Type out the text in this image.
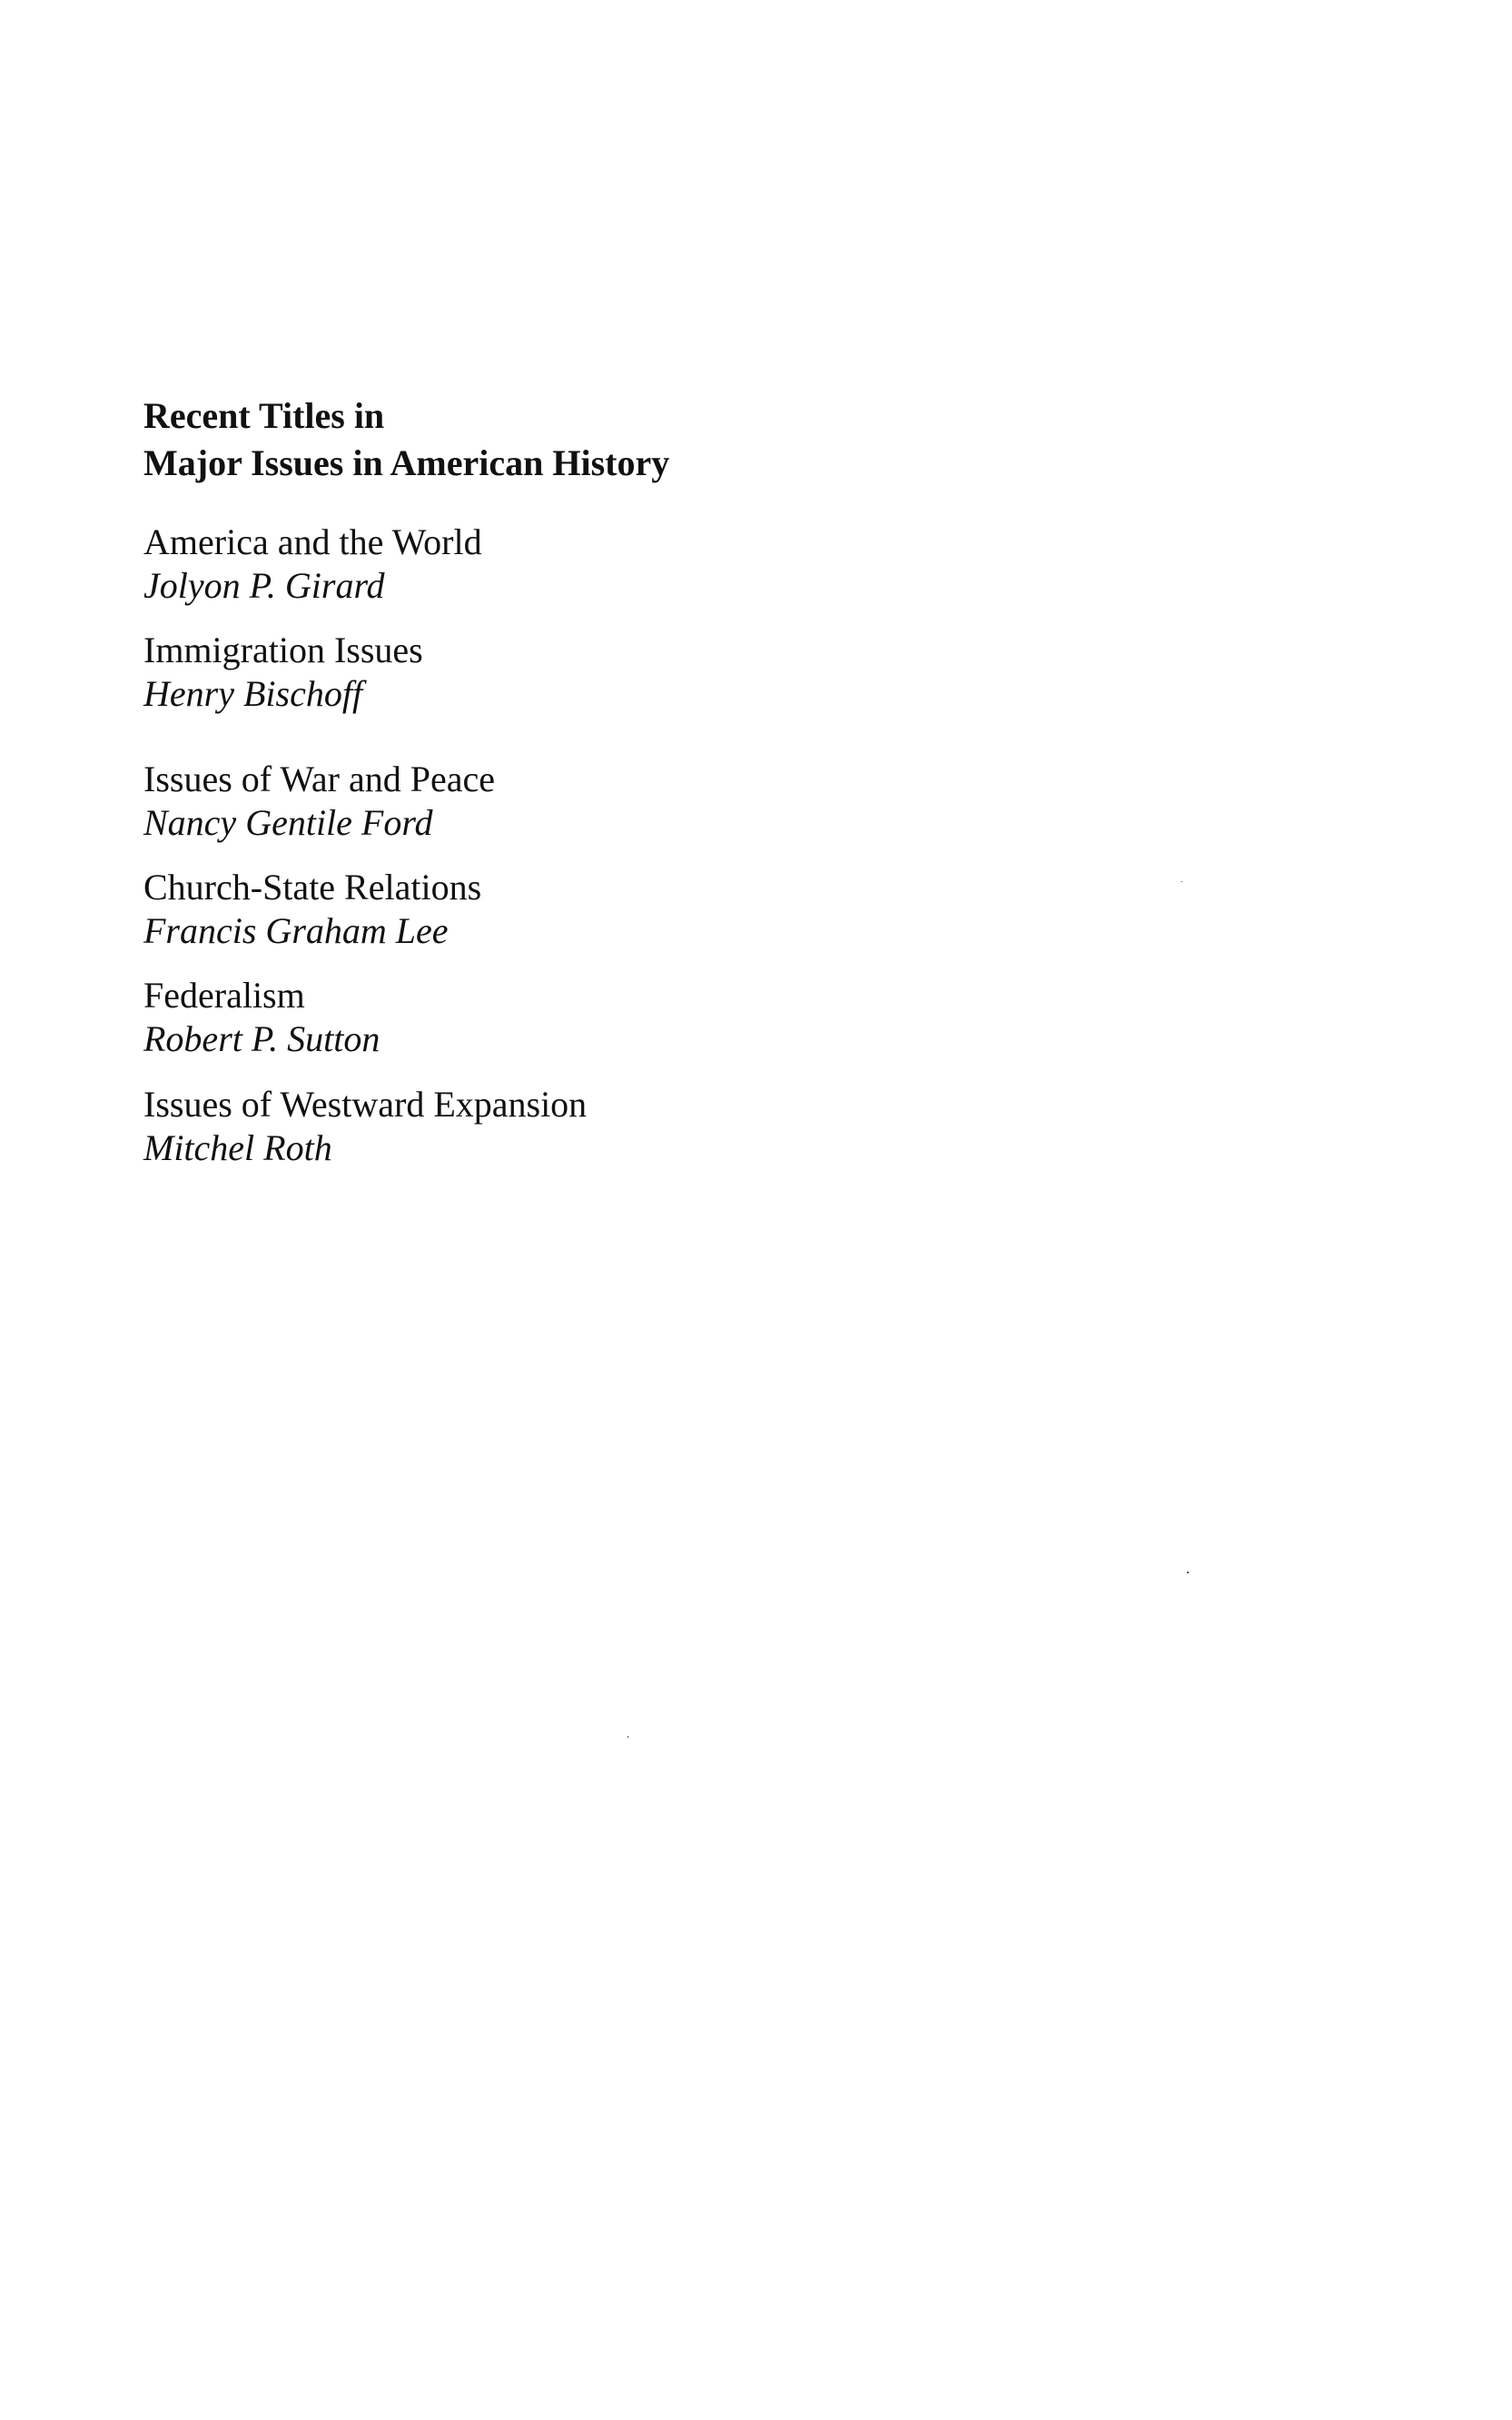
Recent Titles in
Major Issues in American History
America and the World
Jolyon P. Girard
Immigration Issues
Henry Bischoff
Issues of War and Peace
Nancy Gentile Ford
Church-State Relations
Francis Graham Lee
Federalism
Robert P. Sutton
Issues of Westward Expansion
Mitchel Roth
